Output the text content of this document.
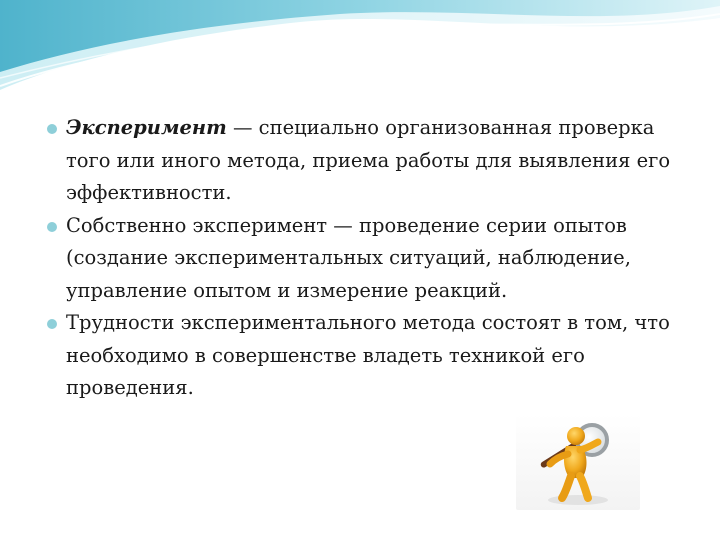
Эксперимент — специально организованная проверка того или иного метода, приема работы для выявления его эффективности.
Собственно эксперимент — проведение серии опытов (создание экспериментальных ситуаций, наблюдение, управление опытом и измерение реакций.
Трудности экспериментального метода состоят в том, что необходимо в совершенстве владеть техникой его проведения.
